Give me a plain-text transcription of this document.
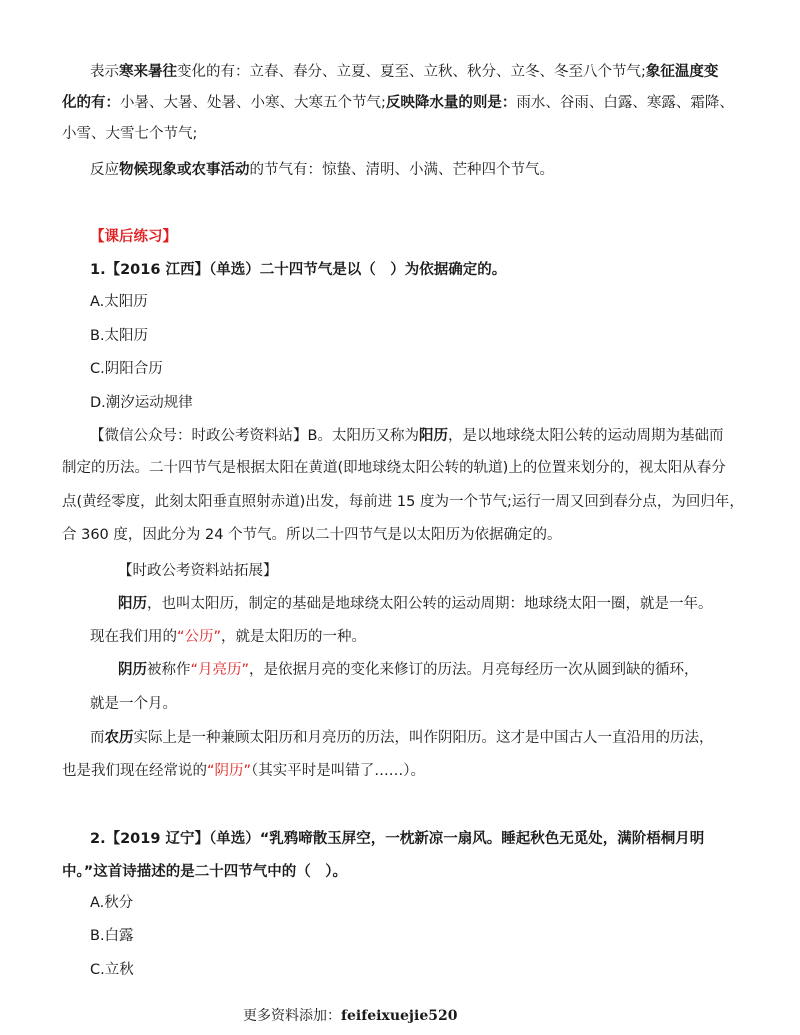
表示寒来暑往变化的有：立春、春分、立夏、夏至、立秋、秋分、立冬、冬至八个节气;象征温度变
化的有：小暑、大暑、处暑、小寒、大寒五个节气;反映降水量的则是：雨水、谷雨、白露、寒露、霜降、
小雪、大雪七个节气;
反应物候现象或农事活动的节气有：惊蛰、清明、小满、芒种四个节气。
【课后练习】
1.【2016 江西】（单选）二十四节气是以（　）为依据确定的。
A.太阳历
B.太阳历
C.阴阳合历
D.潮汐运动规律
【微信公众号：时政公考资料站】B。太阳历又称为阳历，是以地球绕太阳公转的运动周期为基础而
制定的历法。二十四节气是根据太阳在黄道(即地球绕太阳公转的轨道)上的位置来划分的，视太阳从春分
点(黄经零度，此刻太阳垂直照射赤道)出发，每前进 15 度为一个节气;运行一周又回到春分点，为回归年，
合 360 度，因此分为 24 个节气。所以二十四节气是以太阳历为依据确定的。
【时政公考资料站拓展】
阳历，也叫太阳历，制定的基础是地球绕太阳公转的运动周期：地球绕太阳一圈，就是一年。
现在我们用的“公历”，就是太阳历的一种。
阴历被称作“月亮历”，是依据月亮的变化来修订的历法。月亮每经历一次从圆到缺的循环，
就是一个月。
而农历实际上是一种兼顾太阳历和月亮历的历法，叫作阴阳历。这才是中国古人一直沿用的历法，
也是我们现在经常说的“阴历”（其实平时是叫错了……）。
2.【2019 辽宁】（单选）“乳鸦啼散玉屏空，一枕新凉一扇风。睡起秋色无觅处，满阶梧桐月明
中。”这首诗描述的是二十四节气中的（　）。
A.秋分
B.白露
C.立秋
更多资料添加：feifeixuejie520
